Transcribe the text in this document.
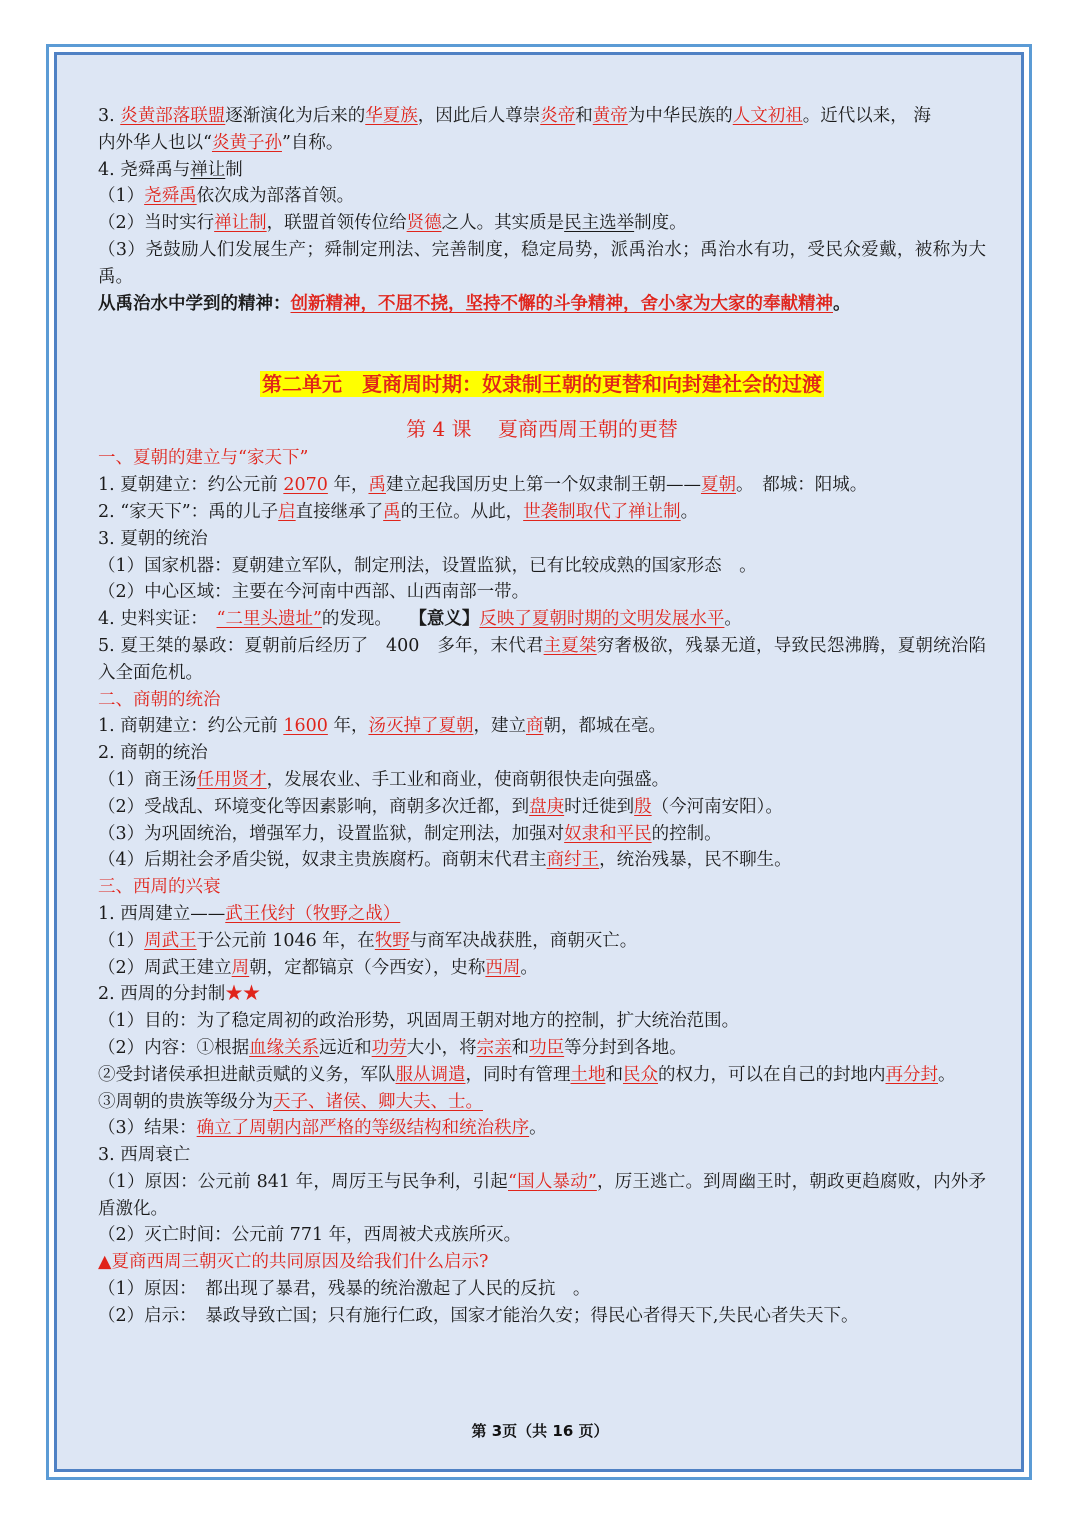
3. 炎黄部落联盟逐渐演化为后来的华夏族，因此后人尊崇炎帝和黄帝为中华民族的人文初祖。近代以来， 海
内外华人也以“炎黄子孙”自称。
4. 尧舜禹与禅让制
（1）尧舜禹依次成为部落首领。
（2）当时实行禅让制，联盟首领传位给贤德之人。其实质是民主选举制度。
（3）尧鼓励人们发展生产；舜制定刑法、完善制度，稳定局势，派禹治水；禹治水有功，受民众爱戴，被称为大禹。
从禹治水中学到的精神：创新精神，不屈不挠，坚持不懈的斗争精神，舍小家为大家的奉献精神。
第二单元　夏商周时期：奴隶制王朝的更替和向封建社会的过渡
第 4 课　 夏商西周王朝的更替
一、夏朝的建立与“家天下”
1. 夏朝建立：约公元前 2070 年，禹建立起我国历史上第一个奴隶制王朝——夏朝。　都城：阳城。
2. “家天下”：禹的儿子启直接继承了禹的王位。从此，世袭制取代了禅让制。
3. 夏朝的统治
（1）国家机器：夏朝建立军队，制定刑法，设置监狱，已有比较成熟的国家形态　。
（2）中心区域：主要在今河南中西部、山西南部一带。
4. 史料实证：　“二里头遗址”的发现。　　【意义】反映了夏朝时期的文明发展水平。
5. 夏王桀的暴政：夏朝前后经历了　400　多年，末代君主夏桀穷奢极欲，残暴无道，导致民怨沸腾，夏朝统治陷入全面危机。
二、商朝的统治
1. 商朝建立：约公元前 1600 年，汤灭掉了夏朝，建立商朝，都城在亳。
2. 商朝的统治
（1）商王汤任用贤才，发展农业、手工业和商业，使商朝很快走向强盛。
（2）受战乱、环境变化等因素影响，商朝多次迁都，到盘庚时迁徙到殷（今河南安阳）。
（3）为巩固统治，增强军力，设置监狱，制定刑法，加强对奴隶和平民的控制。
（4）后期社会矛盾尖锐，奴隶主贵族腐朽。商朝末代君主商纣王，统治残暴，民不聊生。
三、西周的兴衰
1. 西周建立——武王伐纣（牧野之战）
（1）周武王于公元前 1046 年，在牧野与商军决战获胜，商朝灭亡。
（2）周武王建立周朝，定都镐京（今西安），史称西周。
2. 西周的分封制★★
（1）目的：为了稳定周初的政治形势，巩固周王朝对地方的控制，扩大统治范围。
（2）内容：①根据血缘关系远近和功劳大小，将宗亲和功臣等分封到各地。
②受封诸侯承担进献贡赋的义务，军队服从调遣，同时有管理土地和民众的权力，可以在自己的封地内再分封。　　③周朝的贵族等级分为天子、诸侯、卿大夫、士。
（3）结果：确立了周朝内部严格的等级结构和统治秩序。
3. 西周衰亡
（1）原因：公元前 841 年，周厉王与民争利，引起“国人暴动”，厉王逃亡。到周幽王时，朝政更趋腐败，内外矛盾激化。
（2）灭亡时间：公元前 771 年，西周被犬戎族所灭。
▲夏商西周三朝灭亡的共同原因及给我们什么启示?
（1）原因：　都出现了暴君，残暴的统治激起了人民的反抗　。
（2）启示：　暴政导致亡国；只有施行仁政，国家才能治久安；得民心者得天下,失民心者失天下。
第 3页（共 16 页）
